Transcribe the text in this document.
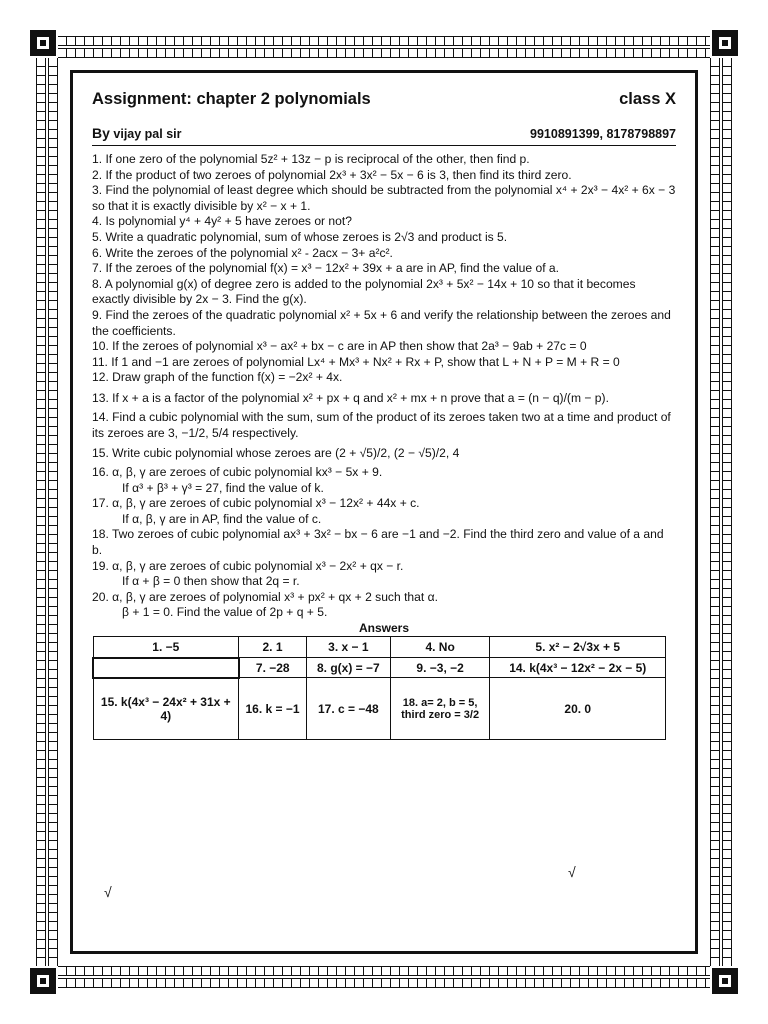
Assignment: chapter 2 polynomials	class X
By vijay pal sir	9910891399, 8178798897

1. If one zero of the polynomial 5z² + 13z − p is reciprocal of the other, then find p.

2. If the product of two zeroes of polynomial 2x³ + 3x² − 5x − 6 is 3, then find its third zero.

3. Find the polynomial of least degree which should be subtracted from the polynomial x⁴ + 2x³ − 4x² + 6x − 3 so that it is exactly divisible by x² − x + 1.

4. Is polynomial y⁴ + 4y² + 5 have zeroes or not?

5. Write a quadratic polynomial, sum of whose zeroes is 2√3 and product is 5.

6. Write the zeroes of the polynomial x² - 2acx − 3+ a²c².

7. If the zeroes of the polynomial f(x) = x³ − 12x² + 39x + a are in AP, find the value of a.

8. A polynomial g(x) of degree zero is added to the polynomial 2x³ + 5x² − 14x + 10 so that it becomes exactly divisible by 2x − 3. Find the g(x).

9. Find the zeroes of the quadratic polynomial x² + 5x + 6 and verify the relationship between the zeroes and the coefficients.

10. If the zeroes of polynomial x³ − ax² + bx − c are in AP then show that 2a³ − 9ab + 27c = 0

11. If 1 and −1 are zeroes of polynomial Lx⁴ + Mx³ + Nx² + Rx + P, show that L + N + P = M + R = 0

12. Draw graph of the function f(x) = −2x² + 4x.

13. If x + a is a factor of the polynomial x² + px + q and x² + mx + n prove that a = (n − q)/(m − p).

14. Find a cubic polynomial with the sum, sum of the product of its zeroes taken two at a time and product of its zeroes are 3, −1/2, 5/4 respectively.

15. Write cubic polynomial whose zeroes are (2 + √5)/2, (2 − √5)/2, 4

16. α, β, γ are zeroes of cubic polynomial kx³ − 5x + 9.

If α³ + β³ + γ³ = 27, find the value of k.

17. α, β, γ are zeroes of cubic polynomial x³ − 12x² + 44x + c.

If α, β, γ are in AP, find the value of c.

18. Two zeroes of cubic polynomial ax³ + 3x² − bx − 6 are −1 and −2. Find the third zero and value of a and b.

19. α, β, γ are zeroes of cubic polynomial x³ − 2x² + qx − r.

If α + β = 0 then show that 2q = r.

20. α, β, γ are zeroes of polynomial x³ + px² + qx + 2 such that α.

β + 1 = 0. Find the value of 2p + q + 5.

Answers
1. −5	2. 1	3. x − 1	4. No	5. x² − 2√3x + 5
	7. −28	8. g(x) = −7	9. −3, −2	14. k(4x³ − 12x² − 2x − 5)
15. k(4x³ − 24x² + 31x + 4)	16. k = −1	17. c = −48	18. a= 2, b = 5, third zero = 3/2	20. 0
√
√
